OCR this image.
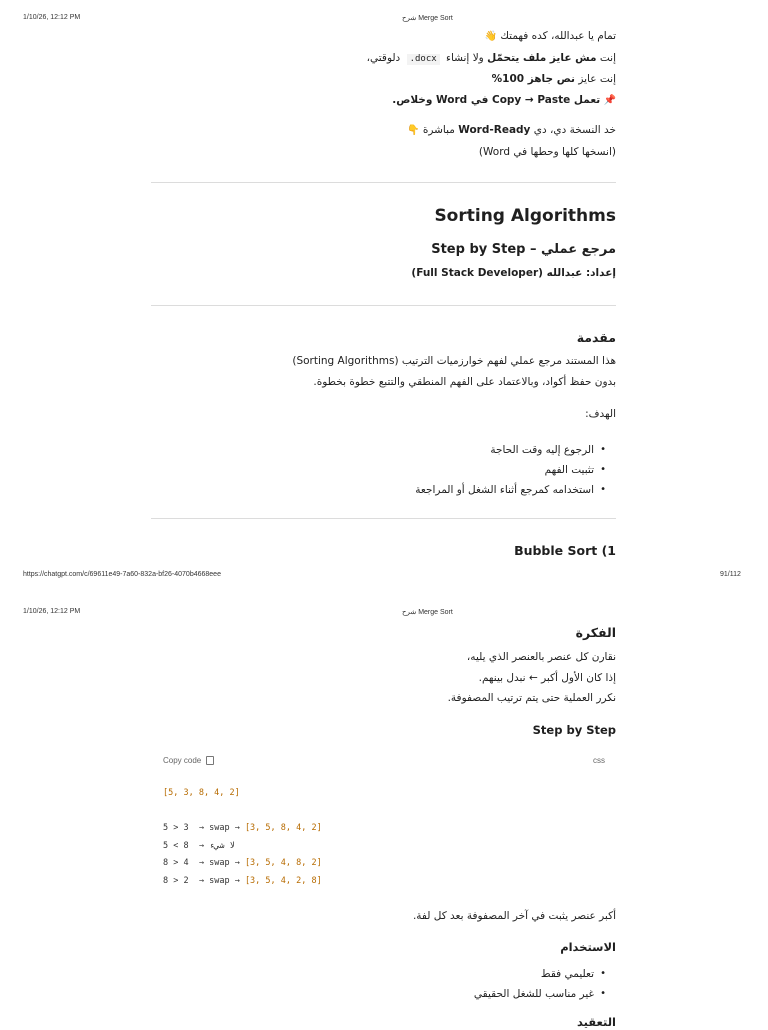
1/10/26, 12:12 PM	شرح Merge Sort
تمام يا عبدالله، كده فهمتك 👋
إنت مش عايز ملف يتحمّل ولا إنشاء .docx دلوقتي،
إنت عايز نص جاهز 100%
📌 تعمل Copy → Paste في Word وخلاص.
خد النسخة دي، دي Word-Ready مباشرة 👇
(انسخها كلها وحطها في Word)
Sorting Algorithms
مرجع عملي – Step by Step
إعداد: عبدالله (Full Stack Developer)
مقدمة
هذا المستند مرجع عملي لفهم خوارزميات الترتيب (Sorting Algorithms)
بدون حفظ أكواد، وبالاعتماد على الفهم المنطقي والتتبع خطوة بخطوة.
الهدف:
• الرجوع إليه وقت الحاجة
• تثبيت الفهم
• استخدامه كمرجع أثناء الشغل أو المراجعة
Bubble Sort (1
https://chatgpt.com/c/69611e49-7a60-832a-bf26-4070b4668eee	91/112
1/10/26, 12:12 PM	شرح Merge Sort
الفكرة
نقارن كل عنصر بالعنصر الذي يليه،
إذا كان الأول أكبر ← نبدل بينهم.
نكرر العملية حتى يتم ترتيب المصفوفة.
Step by Step
Copy code	css
[5, 3, 8, 4, 2]
5 > 3 → swap → [3, 5, 8, 4, 2]
5 < 8 → لا شيء
8 > 4 → swap → [3, 5, 4, 8, 2]
8 > 2 → swap → [3, 5, 4, 2, 8]
أكبر عنصر يثبت في آخر المصفوفة بعد كل لفة.
الاستخدام
• تعليمي فقط
• غير مناسب للشغل الحقيقي
التعقيد
